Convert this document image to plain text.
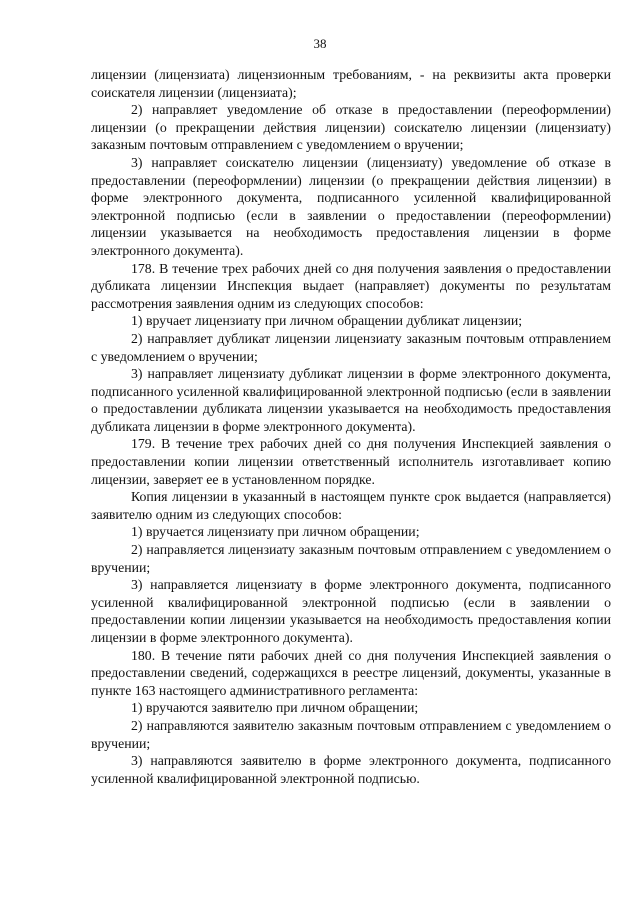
38

лицензии (лицензиата) лицензионным требованиям, - на реквизиты акта проверки соискателя лицензии (лицензиата);

2) направляет уведомление об отказе в предоставлении (переоформлении) лицензии (о прекращении действия лицензии) соискателю лицензии (лицензиату) заказным почтовым отправлением с уведомлением о вручении;

3) направляет соискателю лицензии (лицензиату) уведомление об отказе в предоставлении (переоформлении) лицензии (о прекращении действия лицензии) в форме электронного документа, подписанного усиленной квалифицированной электронной подписью (если в заявлении о предоставлении (переоформлении) лицензии указывается на необходимость предоставления лицензии в форме электронного документа).

178. В течение трех рабочих дней со дня получения заявления о предоставлении дубликата лицензии Инспекция выдает (направляет) документы по результатам рассмотрения заявления одним из следующих способов:

1) вручает лицензиату при личном обращении дубликат лицензии;

2) направляет дубликат лицензии лицензиату заказным почтовым отправлением с уведомлением о вручении;

3) направляет лицензиату дубликат лицензии в форме электронного документа, подписанного усиленной квалифицированной электронной подписью (если в заявлении о предоставлении дубликата лицензии указывается на необходимость предоставления дубликата лицензии в форме электронного документа).

179. В течение трех рабочих дней со дня получения Инспекцией заявления о предоставлении копии лицензии ответственный исполнитель изготавливает копию лицензии, заверяет ее в установленном порядке.

Копия лицензии в указанный в настоящем пункте срок выдается (направляется) заявителю одним из следующих способов:

1) вручается лицензиату при личном обращении;

2) направляется лицензиату заказным почтовым отправлением с уведомлением о вручении;

3) направляется лицензиату в форме электронного документа, подписанного усиленной квалифицированной электронной подписью (если в заявлении о предоставлении копии лицензии указывается на необходимость предоставления копии лицензии в форме электронного документа).

180. В течение пяти рабочих дней со дня получения Инспекцией заявления о предоставлении сведений, содержащихся в реестре лицензий, документы, указанные в пункте 163 настоящего административного регламента:

1) вручаются заявителю при личном обращении;

2) направляются заявителю заказным почтовым отправлением с уведомлением о вручении;

3) направляются заявителю в форме электронного документа, подписанного усиленной квалифицированной электронной подписью.
